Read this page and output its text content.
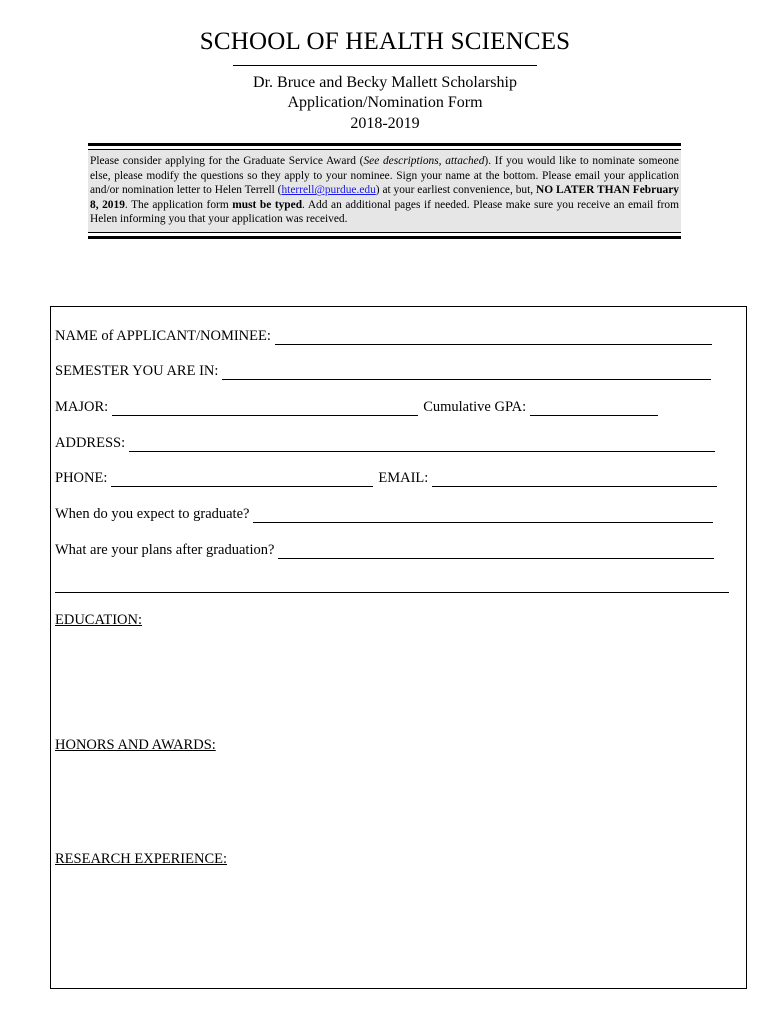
SCHOOL OF HEALTH SCIENCES
Dr. Bruce and Becky Mallett Scholarship
Application/Nomination Form
2018-2019
Please consider applying for the Graduate Service Award (See descriptions, attached). If you would like to nominate someone else, please modify the questions so they apply to your nominee. Sign your name at the bottom. Please email your application and/or nomination letter to Helen Terrell (hterrell@purdue.edu) at your earliest convenience, but, NO LATER THAN February 8, 2019. The application form must be typed. Add an additional pages if needed. Please make sure you receive an email from Helen informing you that your application was received.
NAME of APPLICANT/NOMINEE:
SEMESTER YOU ARE IN:
MAJOR:	Cumulative GPA:
ADDRESS:
PHONE:	EMAIL:
When do you expect to graduate?
What are your plans after graduation?
EDUCATION:
HONORS AND AWARDS:
RESEARCH EXPERIENCE:
